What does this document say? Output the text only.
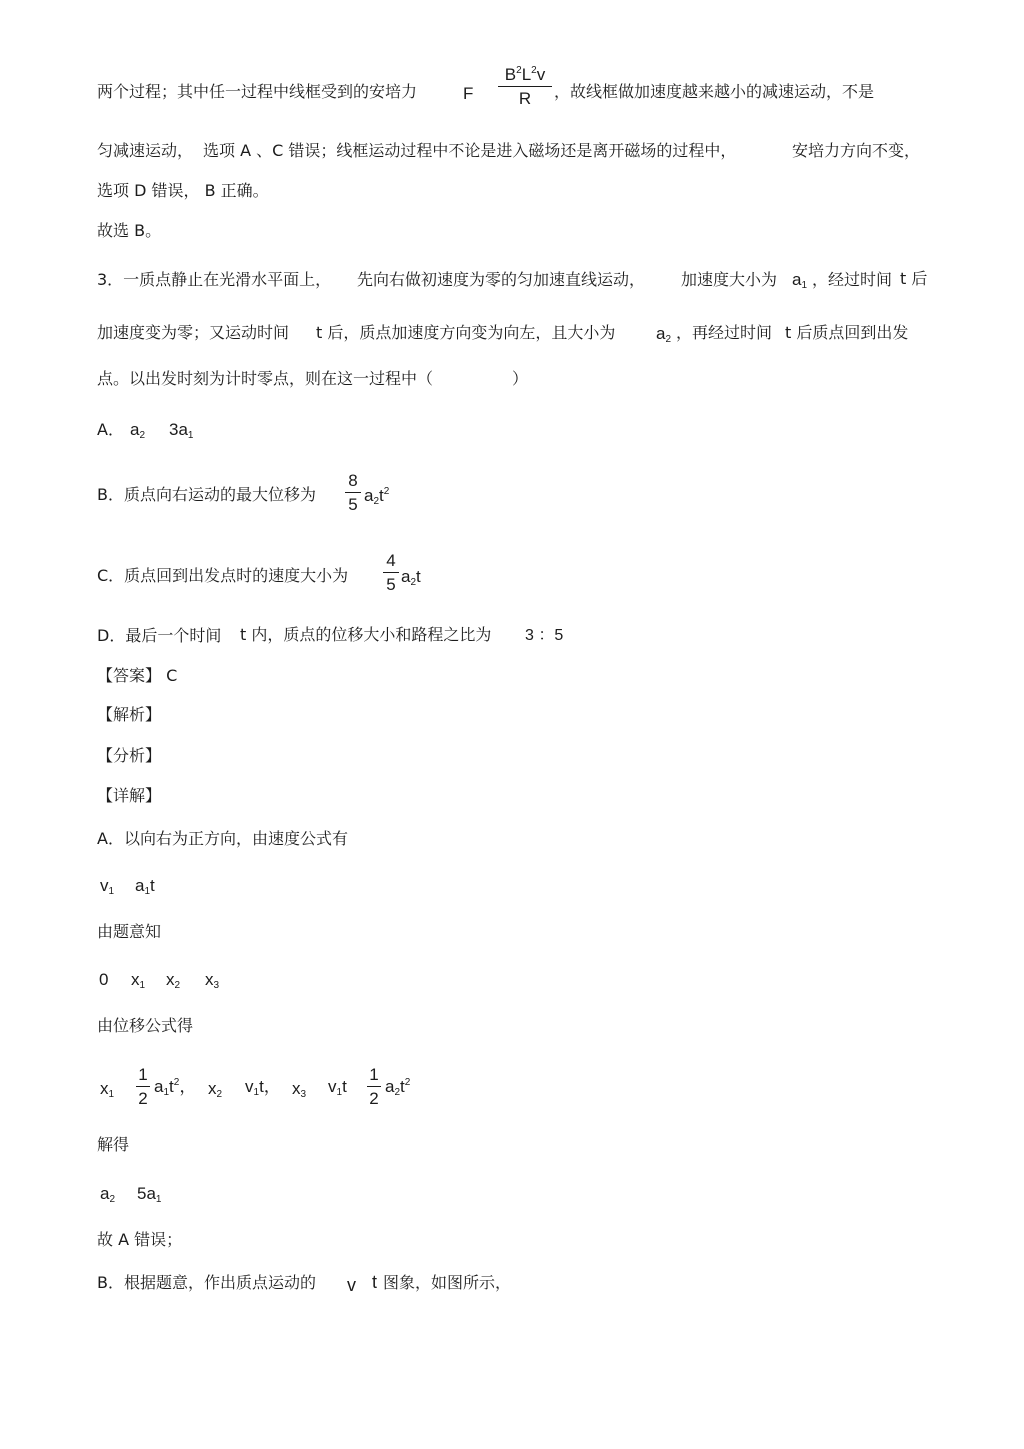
两个过程；其中任一过程中线框受到的安培力	F
$B^2L^2v$
R	，故线框做加速度越来越小的减速运动，不是
匀减速运动， 选项 A 、C 错误；线框运动过程中不论是进入磁场还是离开磁场的过程中，	安培力方向不变，
选项 D 错误， B 正确。
故选 B。
3．一质点静止在光滑水平面上， 先向右做初速度为零的匀加速直线运动， 加速度大小为 $a_1$ ，经过时间 t 后
加速度变为零；又运动时间 t 后，质点加速度方向变为向左，且大小为 $a_2$ ，再经过时间 t 后质点回到出发
点。以出发时刻为计时零点，则在这一过程中（	）
A． $a_2$ $3a_1$
B．质点向右运动的最大位移为
8
5 $a_2t^2$
C．质点回到出发点时的速度大小为
4
5 $a_2t$
D．最后一个时间 t 内，质点的位移大小和路程之比为 3 ：5
【答案】 C
【解析】
【分析】
【详解】
A．以向右为正方向，由速度公式有
$v_1$ $a_1t$
由题意知
0 $x_1$ $x_2$ $x_3$
由位移公式得
$x_1$
1
2
$a_1t^2$， $x_2$ $v_1t$， $x_3$ $v_1t$
1
2
$a_2t^2$
解得
$a_2$ $5a_1$
故 A 错误；
B．根据题意，作出质点运动的 v t 图象，如图所示，
